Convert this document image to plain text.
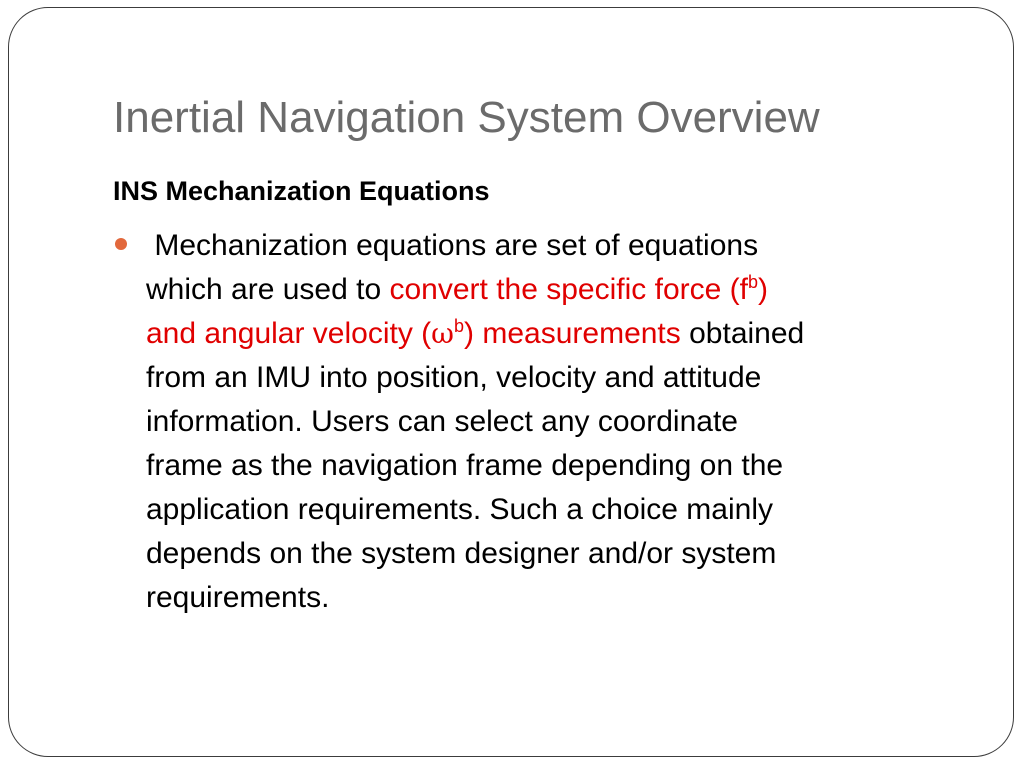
Inertial Navigation System Overview
INS Mechanization Equations
Mechanization equations are set of equations
which are used to convert the specific force $(f^b)$
and angular velocity $(\omega^b)$ measurements obtained
from an IMU into position, velocity and attitude
information. Users can select any coordinate
frame as the navigation frame depending on the
application requirements. Such a choice mainly
depends on the system designer and/or system
requirements.
